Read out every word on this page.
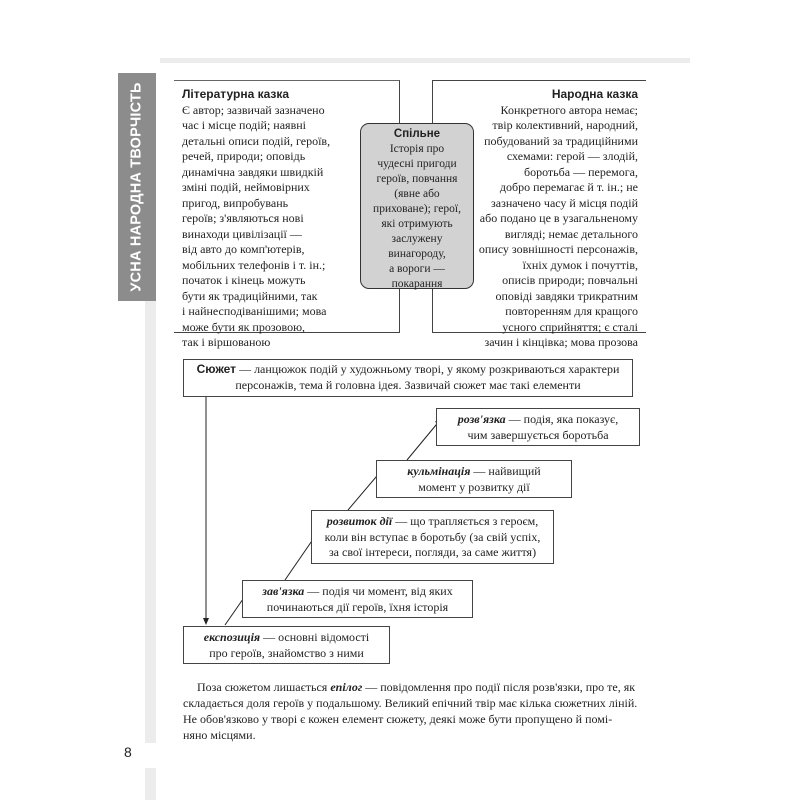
УСНА НАРОДНА ТВОРЧІСТЬ
8
Літературна казка
Є автор; зазвичай зазначено
час і місце подій; наявні
детальні описи подій, героїв,
речей, природи; оповідь
динамічна завдяки швидкій
зміні подій, неймовірних
пригод, випробувань
героїв; з'являються нові
винаходи цивілізації —
від авто до комп'ютерів,
мобільних телефонів і т. ін.;
початок і кінець можуть
бути як традиційними, так
і найнесподіванішими; мова
може бути як прозовою,
так і віршованою
Народна казка
Конкретного автора немає;
твір колективний, народний,
побудований за традиційними
схемами: герой — злодій,
боротьба — перемога,
добро перемагає й т. ін.; не
зазначено часу й місця подій
або подано це в узагальненому
вигляді; немає детального
опису зовнішності персонажів,
їхніх думок і почуттів,
описів природи; повчальні
оповіді завдяки трикратним
повторенням для кращого
усного сприйняття; є сталі
зачин і кінцівка; мова прозова
Спільне
Історія про
чудесні пригоди
героїв, повчання
(явне або
приховане); герої,
які отримують
заслужену
винагороду,
а вороги —
покарання
Сюжет — ланцюжок подій у художньому творі, у якому розкриваються характери
персонажів, тема й головна ідея. Зазвичай сюжет має такі елементи
розв'язка — подія, яка показує,
чим завершується боротьба
кульмінація — найвищий
момент у розвитку дії
розвиток дії — що трапляється з героєм,
коли він вступає в боротьбу (за свій успіх,
за свої інтереси, погляди, за саме життя)
зав'язка — подія чи момент, від яких
починаються дії героїв, їхня історія
експозиція — основні відомості
про героїв, знайомство з ними
Поза сюжетом лишається епілог — повідомлення про події після розв'язки, про те, як
складається доля героїв у подальшому. Великий епічний твір має кілька сюжетних ліній.
Не обов'язково у творі є кожен елемент сюжету, деякі може бути пропущено й помі-
няно місцями.
